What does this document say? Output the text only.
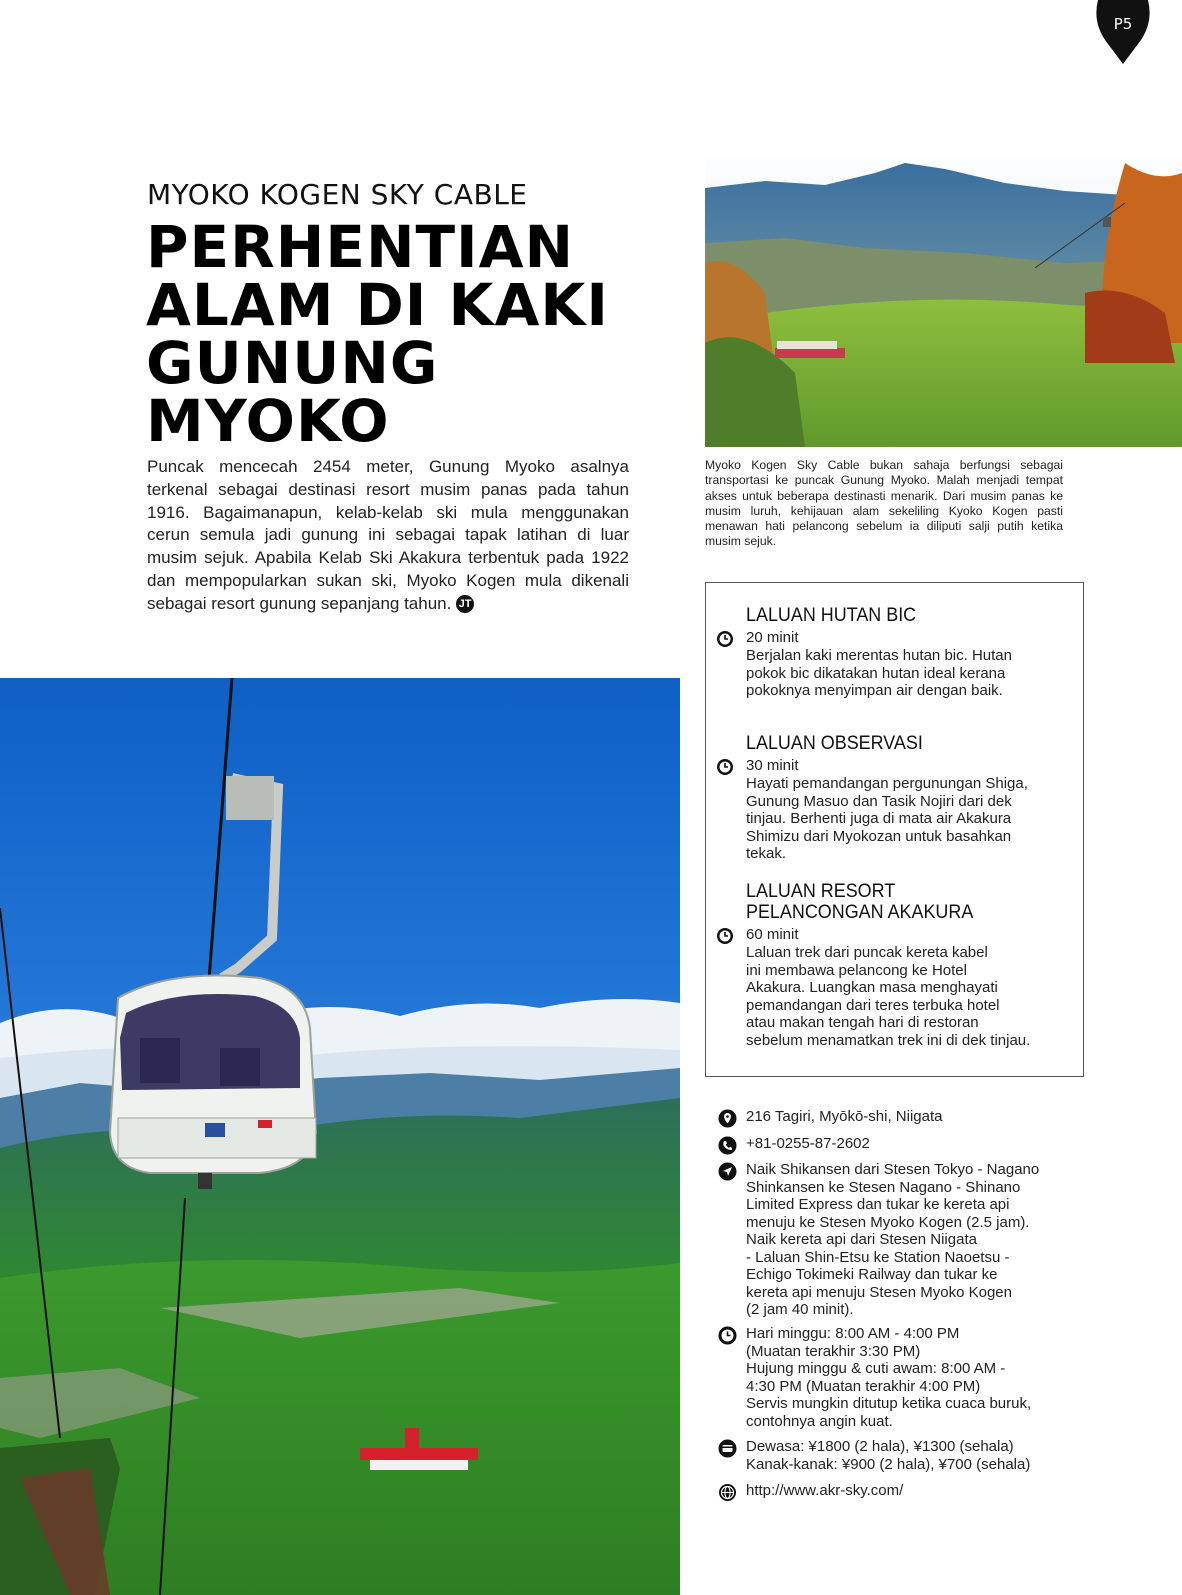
P5
MYOKO KOGEN SKY CABLE
PERHENTIAN
ALAM DI KAKI
GUNUNG
MYOKO

Puncak mencecah 2454 meter, Gunung Myoko asalnya terkenal sebagai destinasi resort musim panas pada tahun 1916. Bagaimanapun, kelab-kelab ski mula menggunakan cerun semula jadi gunung ini sebagai tapak latihan di luar musim sejuk. Apabila Kelab Ski Akakura terbentuk pada 1922 dan mempopularkan sukan ski, Myoko Kogen mula dikenali sebagai resort gunung sepanjang tahun. JT

Myoko Kogen Sky Cable bukan sahaja berfungsi sebagai transportasi ke puncak Gunung Myoko. Malah menjadi tempat akses untuk beberapa destinasti menarik. Dari musim panas ke musim luruh, kehijauan alam sekeliling Kyoko Kogen pasti menawan hati pelancong sebelum ia diliputi salji putih ketika musim sejuk.

LALUAN HUTAN BIC
20 minit
Berjalan kaki merentas hutan bic. Hutan
pokok bic dikatakan hutan ideal kerana
pokoknya menyimpan air dengan baik.
LALUAN OBSERVASI
30 minit
Hayati pemandangan pergunungan Shiga,
Gunung Masuo dan Tasik Nojiri dari dek
tinjau. Berhenti juga di mata air Akakura
Shimizu dari Myokozan untuk basahkan
tekak.
LALUAN RESORT
PELANCONGAN AKAKURA
60 minit
Laluan trek dari puncak kereta kabel
ini membawa pelancong ke Hotel
Akakura. Luangkan masa menghayati
pemandangan dari teres terbuka hotel
atau makan tengah hari di restoran
sebelum menamatkan trek ini di dek tinjau.
216 Tagiri, Myōkō-shi, Niigata
+81-0255-87-2602
Naik Shikansen dari Stesen Tokyo - Nagano
Shinkansen ke Stesen Nagano - Shinano
Limited Express dan tukar ke kereta api
menuju ke Stesen Myoko Kogen (2.5 jam).
Naik kereta api dari Stesen Niigata
- Laluan Shin-Etsu ke Station Naoetsu -
Echigo Tokimeki Railway dan tukar ke
kereta api menuju Stesen Myoko Kogen
(2 jam 40 minit).
Hari minggu: 8:00 AM - 4:00 PM
(Muatan terakhir 3:30 PM)
Hujung minggu & cuti awam: 8:00 AM -
4:30 PM (Muatan terakhir 4:00 PM)
Servis mungkin ditutup ketika cuaca buruk,
contohnya angin kuat.
Dewasa: ¥1800 (2 hala), ¥1300 (sehala)
Kanak-kanak: ¥900 (2 hala), ¥700 (sehala)
http://www.akr-sky.com/
